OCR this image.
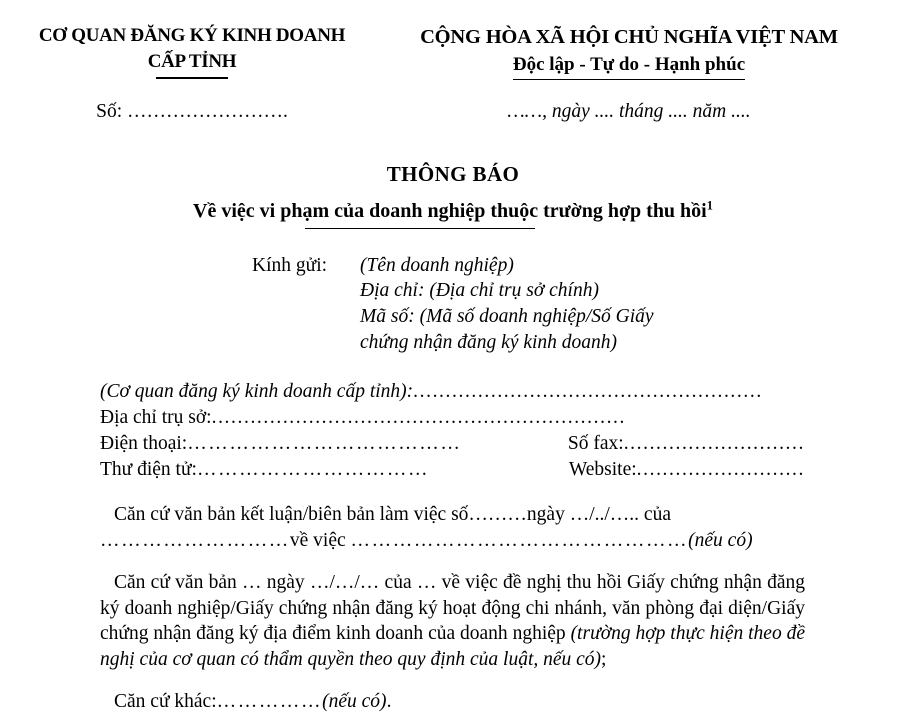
CƠ QUAN ĐĂNG KÝ KINH DOANH
CẤP TỈNH
CỘNG HÒA XÃ HỘI CHỦ NGHĨA VIỆT NAM
Độc lập - Tự do - Hạnh phúc
Số: …………………….	……, ngày .... tháng .... năm ....
THÔNG BÁO
Về việc vi phạm của doanh nghiệp thuộc trường hợp thu hồi$^1$
Kính gửi:	(Tên doanh nghiệp)
Địa chỉ: (Địa chỉ trụ sở chính)
Mã số: (Mã số doanh nghiệp/Số Giấy
chứng nhận đăng ký kinh doanh)
(Cơ quan đăng ký kinh doanh cấp tỉnh): ......................................................
Địa chỉ trụ sở: ................................................................
Điện thoại: …………………………………	Số fax: ............................
Thư điện tử: ……………………………	Website: ..........................
Căn cứ văn bản kết luận/biên bản làm việc số………ngày …/../….. của
………………………về việc …………………………………………(nếu có)
Căn cứ văn bản … ngày …/…/… của … về việc đề nghị thu hồi Giấy chứng nhận đăng ký doanh nghiệp/Giấy chứng nhận đăng ký hoạt động chi nhánh, văn phòng đại diện/Giấy chứng nhận đăng ký địa điểm kinh doanh của doanh nghiệp (trường hợp thực hiện theo đề nghị của cơ quan có thẩm quyền theo quy định của luật, nếu có);
Căn cứ khác:……………(nếu có).
